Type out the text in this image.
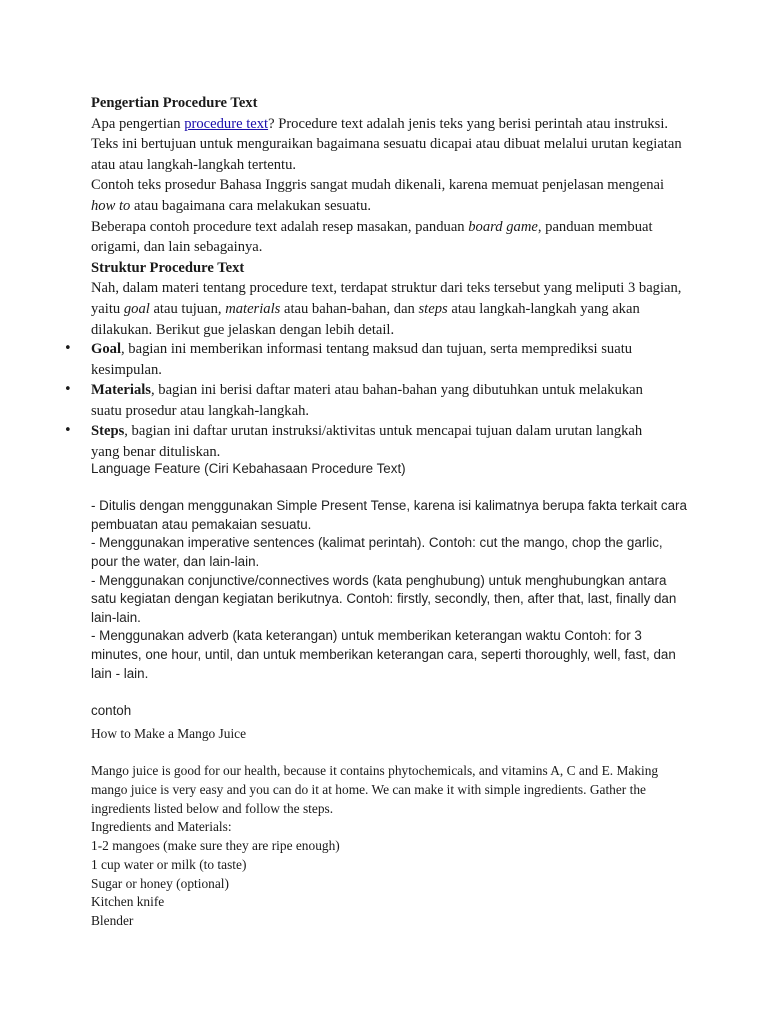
Pengertian Procedure Text

Apa pengertian procedure text? Procedure text adalah jenis teks yang berisi perintah atau instruksi. Teks ini bertujuan untuk menguraikan bagaimana sesuatu dicapai atau dibuat melalui urutan kegiatan atau atau langkah-langkah tertentu.

Contoh teks prosedur Bahasa Inggris sangat mudah dikenali, karena memuat penjelasan mengenai how to atau bagaimana cara melakukan sesuatu.

Beberapa contoh procedure text adalah resep masakan, panduan board game, panduan membuat origami, dan lain sebagainya.

Struktur Procedure Text

Nah, dalam materi tentang procedure text, terdapat struktur dari teks tersebut yang meliputi 3 bagian, yaitu goal atau tujuan, materials atau bahan-bahan, dan steps atau langkah-langkah yang akan dilakukan. Berikut gue jelaskan dengan lebih detail.

• Goal, bagian ini memberikan informasi tentang maksud dan tujuan, serta memprediksi suatu kesimpulan.
• Materials, bagian ini berisi daftar materi atau bahan-bahan yang dibutuhkan untuk melakukan suatu prosedur atau langkah-langkah.
• Steps, bagian ini daftar urutan instruksi/aktivitas untuk mencapai tujuan dalam urutan langkah yang benar dituliskan.

Language Feature (Ciri Kebahasaan Procedure Text)

- Ditulis dengan menggunakan Simple Present Tense, karena isi kalimatnya berupa fakta terkait cara pembuatan atau pemakaian sesuatu.

- Menggunakan imperative sentences (kalimat perintah). Contoh: cut the mango, chop the garlic, pour the water, dan lain-lain.

- Menggunakan conjunctive/connectives words (kata penghubung) untuk menghubungkan antara satu kegiatan dengan kegiatan berikutnya. Contoh: firstly, secondly, then, after that, last, finally dan lain-lain.

- Menggunakan adverb (kata keterangan) untuk memberikan keterangan waktu Contoh: for 3 minutes, one hour, until, dan untuk memberikan keterangan cara, seperti thoroughly, well, fast, dan lain - lain.

contoh

How to Make a Mango Juice

Mango juice is good for our health, because it contains phytochemicals, and vitamins A, C and E. Making mango juice is very easy and you can do it at home. We can make it with simple ingredients. Gather the ingredients listed below and follow the steps.

Ingredients and Materials:

1-2 mangoes (make sure they are ripe enough)

1 cup water or milk (to taste)

Sugar or honey (optional)

Kitchen knife

Blender
